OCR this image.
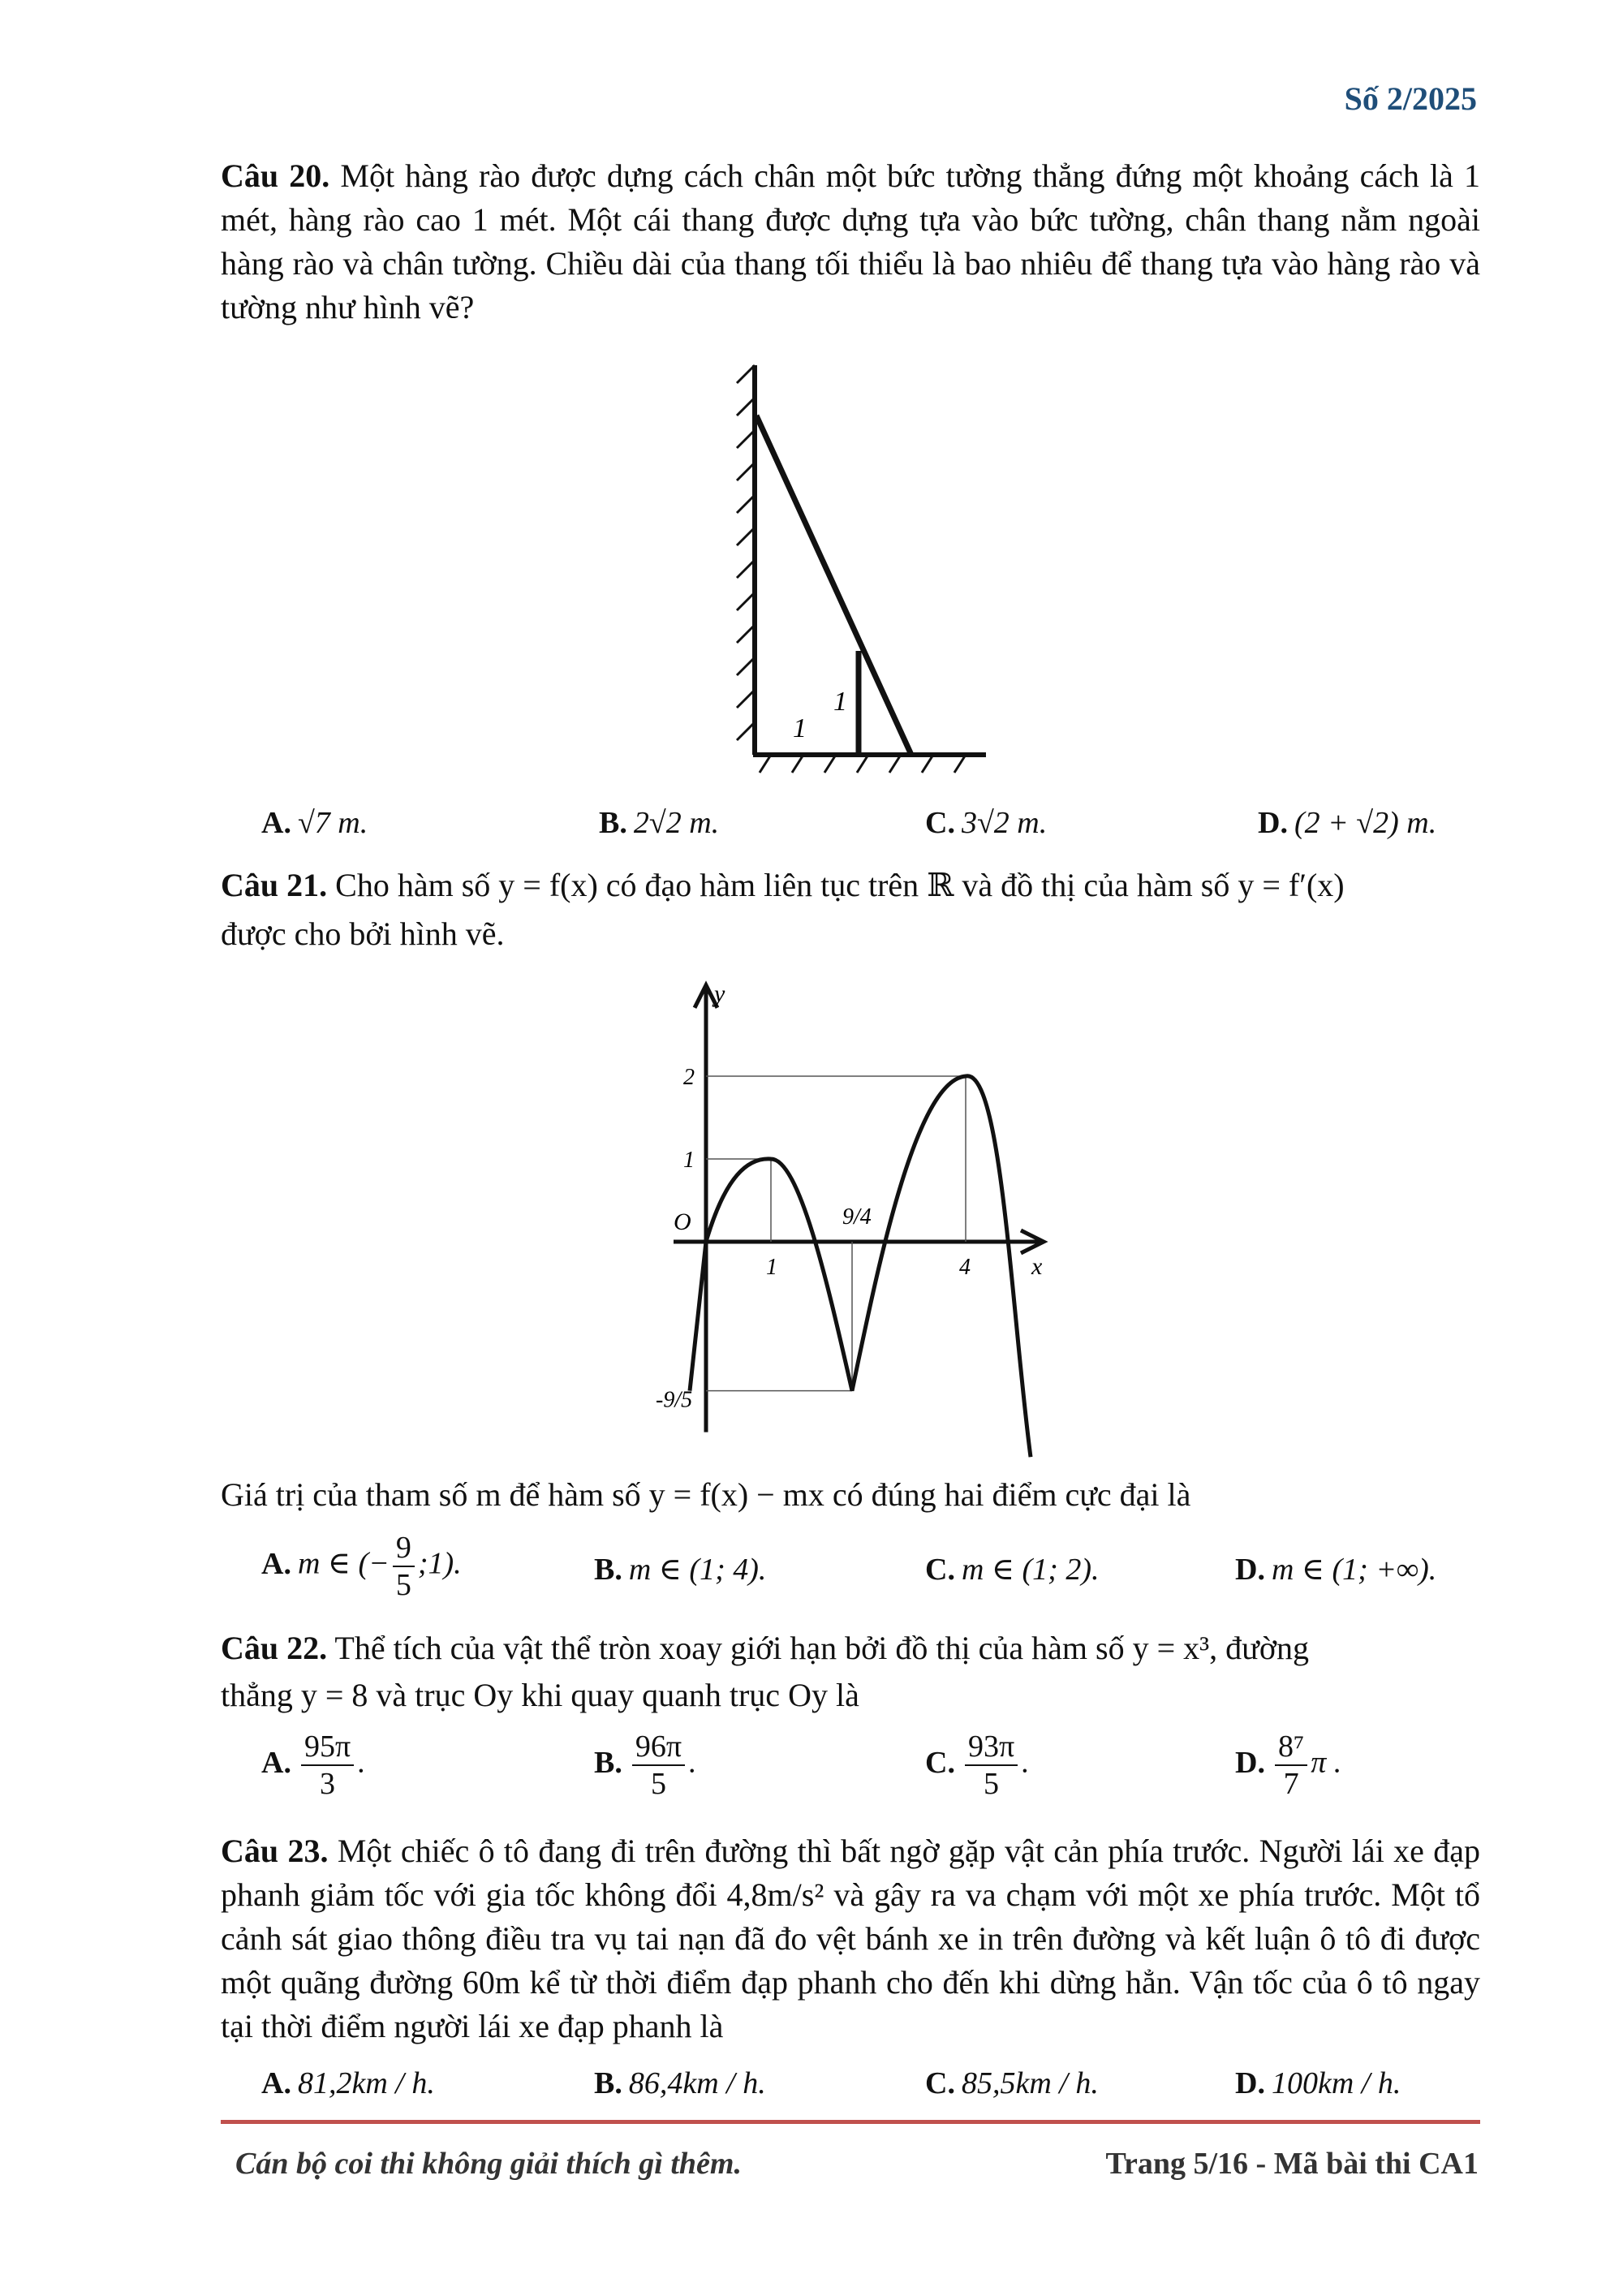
Số 2/2025
Câu 20. Một hàng rào được dựng cách chân một bức tường thẳng đứng một khoảng cách là 1 mét, hàng rào cao 1 mét. Một cái thang được dựng tựa vào bức tường, chân thang nằm ngoài hàng rào và chân tường. Chiều dài của thang tối thiểu là bao nhiêu để thang tựa vào hàng rào và tường như hình vẽ?
1
1
A. √7 m.	B. 2√2 m.	C. 3√2 m.	D. (2 + √2) m.
Câu 21. Cho hàm số y = f(x) có đạo hàm liên tục trên ℝ và đồ thị của hàm số y = f′(x)
được cho bởi hình vẽ.
y
x
O
1	4
9/4
2
1
-9/5
Giá trị của tham số m để hàm số y = f(x) − mx có đúng hai điểm cực đại là
A. m ∈ (− $\frac{9}{5}$ ;1).	B. m ∈ (1; 4).	C. m ∈ (1; 2).	D. m ∈ (1; +∞).
Câu 22. Thể tích của vật thể tròn xoay giới hạn bởi đồ thị của hàm số y = x³, đường
thẳng y = 8 và trục Oy khi quay quanh trục Oy là
A. $\frac{95\pi}{3}$ .	B. $\frac{96\pi}{5}$ .	C. $\frac{93\pi}{5}$ .	D. $\frac{\text{8⁷}}{7}$ π .
Câu 23. Một chiếc ô tô đang đi trên đường thì bất ngờ gặp vật cản phía trước. Người lái xe đạp phanh giảm tốc với gia tốc không đổi 4,8m/s² và gây ra va chạm với một xe phía trước. Một tổ cảnh sát giao thông điều tra vụ tai nạn đã đo vệt bánh xe in trên đường và kết luận ô tô đi được một quãng đường 60m kể từ thời điểm đạp phanh cho đến khi dừng hẳn. Vận tốc của ô tô ngay tại thời điểm người lái xe đạp phanh là
A. 81,2km / h.	B. 86,4km / h.	C. 85,5km / h.	D. 100km / h.
Cán bộ coi thi không giải thích gì thêm.	Trang 5/16 - Mã bài thi CA1
